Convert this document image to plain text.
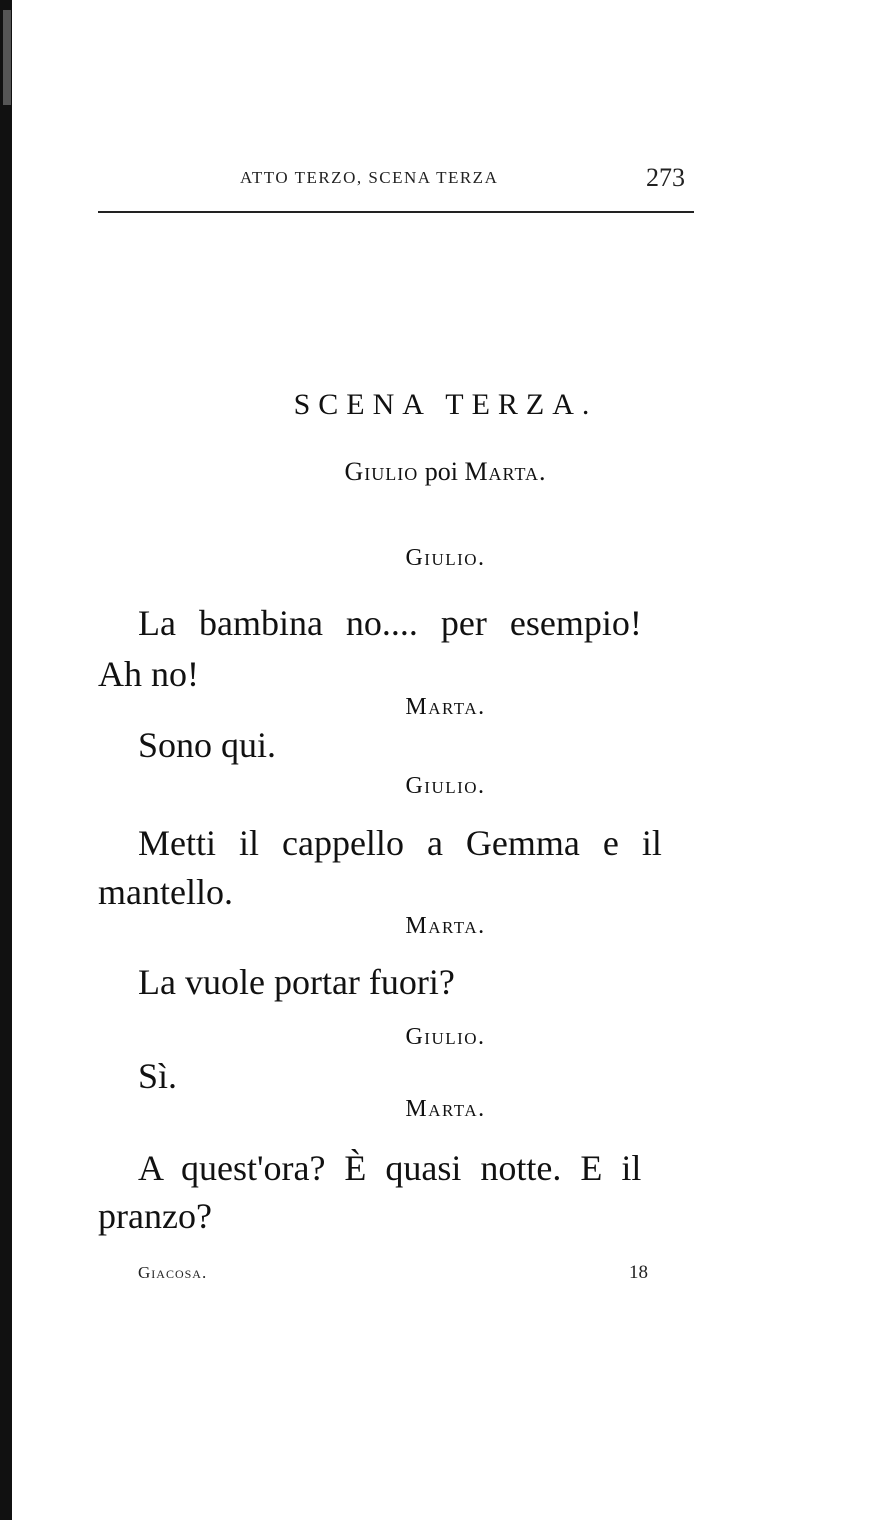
ATTO TERZO, SCENA TERZA	273
SCENA TERZA.
Giulio poi Marta.
Giulio.
La bambina no.... per esempio!
Ah no!
Marta.
Sono qui.
Giulio.
Metti il cappello a Gemma e il
mantello.
Marta.
La vuole portar fuori?
Giulio.
Sì.
Marta.
A quest'ora? È quasi notte. E il
pranzo?
Giacosa.	18
